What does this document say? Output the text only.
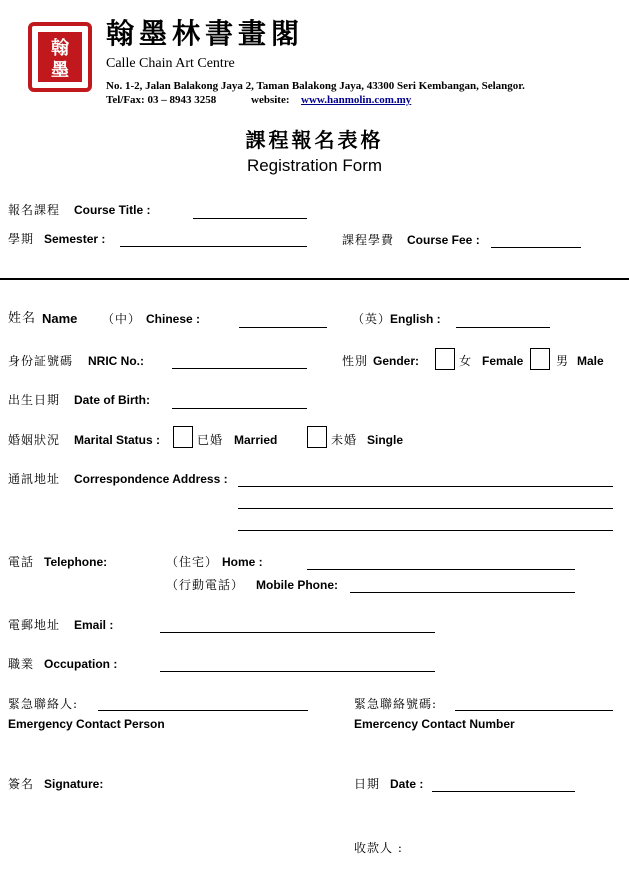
翰
墨
翰墨林書畫閣
Calle Chain Art Centre
No. 1-2, Jalan Balakong Jaya 2, Taman Balakong Jaya, 43300 Seri Kembangan, Selangor.
Tel/Fax: 03 – 8943 3258	website: www.hanmolin.com.my
課程報名表格
Registration Form
報名課程 Course Title :
學期 Semester :	課程學費 Course Fee :
姓名 Name （中） Chinese :	（英）
English :
身份証號碼 NRIC No.:	性別 Gender:	女 Female	男 Male
出生日期 Date of Birth:
婚姻狀況 Marital Status :	已婚 Married	未婚 Single
通訊地址 Correspondence Address :
電話 Telephone:	（住宅） Home :
（行動電話） Mobile Phone:
電郵地址 Email :
職業 Occupation :
緊急聯絡人:
Emergency Contact Person
緊急聯絡號碼:
Emercency Contact Number
簽名 Signature:	日期 Date :
收款人 :
